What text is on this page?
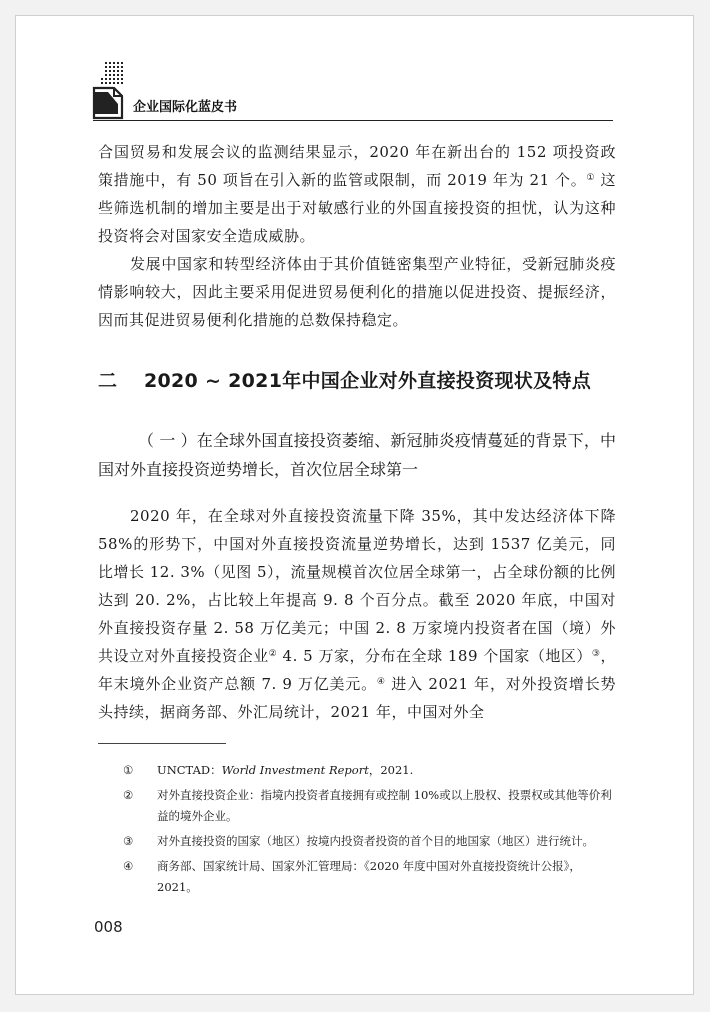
企业国际化蓝皮书

合国贸易和发展会议的监测结果显示，2020 年在新出台的 152 项投资政策措施中，有 50 项旨在引入新的监管或限制，而 2019 年为 21 个。① 这些筛选机制的增加主要是出于对敏感行业的外国直接投资的担忧，认为这种投资将会对国家安全造成威胁。

发展中国家和转型经济体由于其价值链密集型产业特征，受新冠肺炎疫情影响较大，因此主要采用促进贸易便利化的措施以促进投资、提振经济，因而其促进贸易便利化措施的总数保持稳定。

二 2020 ~ 2021年中国企业对外直接投资现状及特点
（ 一 ）在全球外国直接投资萎缩、新冠肺炎疫情蔓延的背景下，中国对外直接投资逆势增长，首次位居全球第一

2020 年，在全球对外直接投资流量下降 35%，其中发达经济体下降 58%的形势下，中国对外直接投资流量逆势增长，达到 1537 亿美元，同比增长 12. 3%（见图 5），流量规模首次位居全球第一，占全球份额的比例达到 20. 2%，占比较上年提高 9. 8 个百分点。截至 2020 年底，中国对外直接投资存量 2. 58 万亿美元；中国 2. 8 万家境内投资者在国（境）外共设立对外直接投资企业② 4. 5 万家，分布在全球 189 个国家（地区）③，年末境外企业资产总额 7. 9 万亿美元。④ 进入 2021 年，对外投资增长势头持续，据商务部、外汇局统计，2021 年，中国对外全

①	UNCTAD：World Investment Report，2021.
②	对外直接投资企业：指境内投资者直接拥有或控制 10%或以上股权、投票权或其他等价利益的境外企业。
③	对外直接投资的国家（地区）按境内投资者投资的首个目的地国家（地区）进行统计。
④	商务部、国家统计局、国家外汇管理局：《2020 年度中国对外直接投资统计公报》，2021。
008
